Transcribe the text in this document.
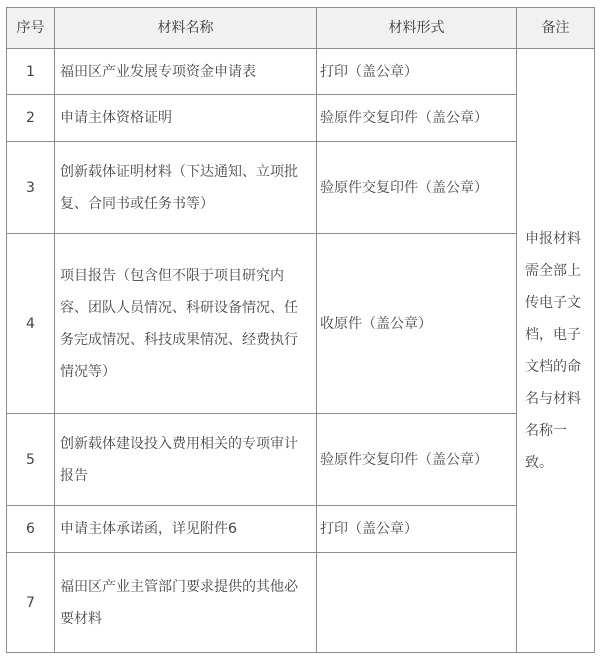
序号	材料名称	材料形式	备注
1	福田区产业发展专项资金申请表	打印（盖公章）	申报材料需全部上传电子文档，电子文档的命名与材料名称一致。
2	申请主体资格证明	验原件交复印件（盖公章）	
3	创新载体证明材料（下达通知、立项批复、合同书或任务书等）	验原件交复印件（盖公章）	
4	项目报告（包含但不限于项目研究内容、团队人员情况、科研设备情况、任务完成情况、科技成果情况、经费执行情况等）	收原件（盖公章）	
5	创新载体建设投入费用相关的专项审计报告	验原件交复印件（盖公章）	
6	申请主体承诺函，详见附件6	打印（盖公章）	
7	福田区产业主管部门要求提供的其他必要材料		
